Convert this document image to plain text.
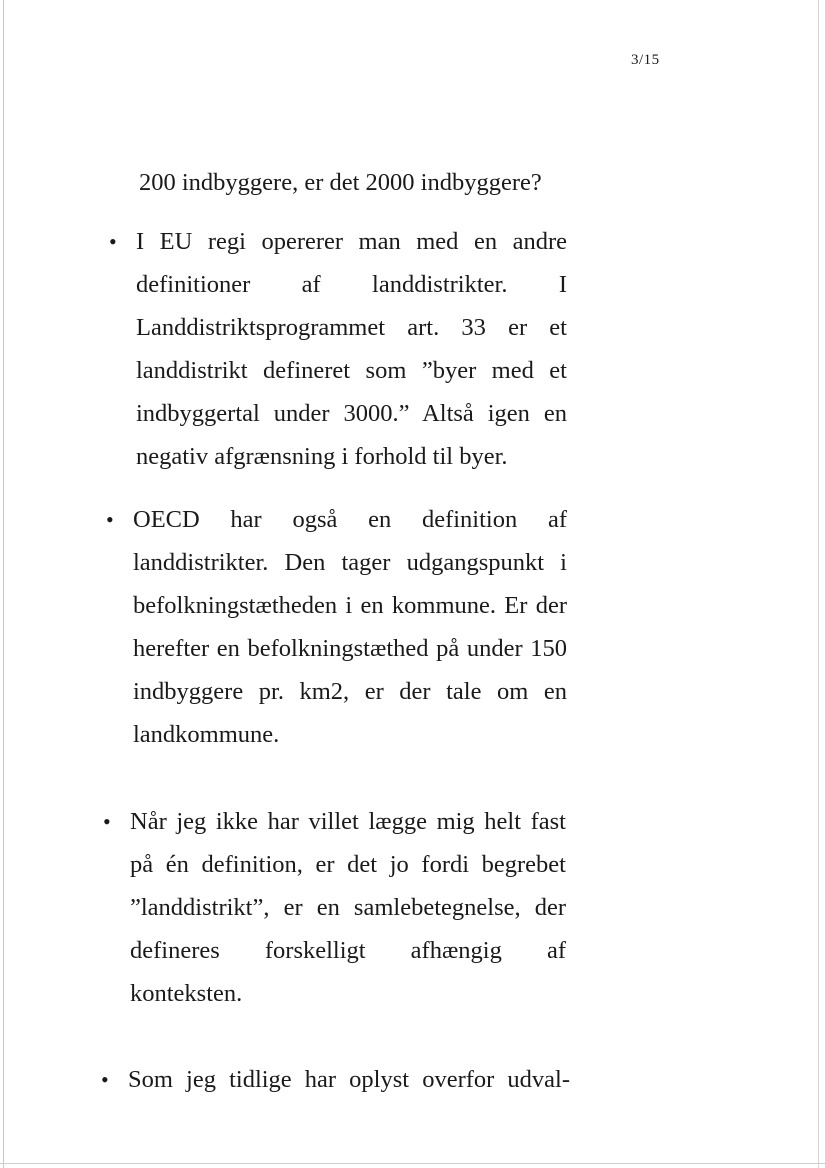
3/15
200 indbyggere, er det 2000 indbyggere?
• I EU regi opererer man med en andre definitioner af landdistrikter. I Landdistriktsprogrammet art. 33 er et landdistrikt defineret som ”byer med et indbyggertal under 3000.” Altså igen en negativ afgrænsning i forhold til byer.
• OECD har også en definition af landdistrikter. Den tager udgangspunkt i befolkningstætheden i en kommune. Er der herefter en befolkningstæthed på under 150 indbyggere pr. km2, er der tale om en landkommune.
• Når jeg ikke har villet lægge mig helt fast på én definition, er det jo fordi begrebet ”landdistrikt”, er en samlebetegnelse, der defineres forskelligt afhængig af konteksten.
• Som jeg tidlige har oplyst overfor udval-
